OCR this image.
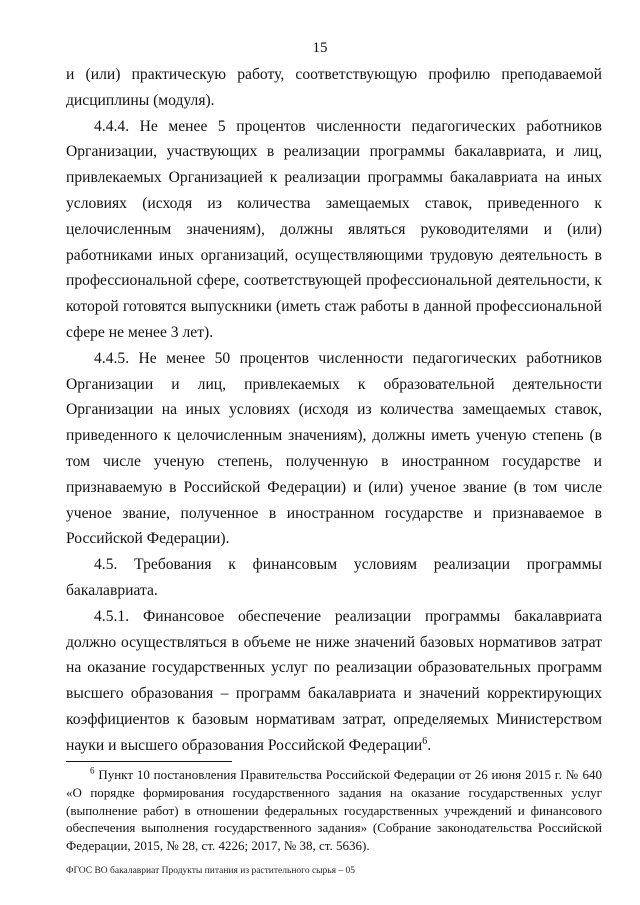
15

и (или) практическую работу, соответствующую профилю преподаваемой дисциплины (модуля).

4.4.4. Не менее 5 процентов численности педагогических работников Организации, участвующих в реализации программы бакалавриата, и лиц, привлекаемых Организацией к реализации программы бакалавриата на иных условиях (исходя из количества замещаемых ставок, приведенного к целочисленным значениям), должны являться руководителями и (или) работниками иных организаций, осуществляющими трудовую деятельность в профессиональной сфере, соответствующей профессиональной деятельности, к которой готовятся выпускники (иметь стаж работы в данной профессиональной сфере не менее 3 лет).

4.4.5. Не менее 50 процентов численности педагогических работников Организации и лиц, привлекаемых к образовательной деятельности Организации на иных условиях (исходя из количества замещаемых ставок, приведенного к целочисленным значениям), должны иметь ученую степень (в том числе ученую степень, полученную в иностранном государстве и признаваемую в Российской Федерации) и (или) ученое звание (в том числе ученое звание, полученное в иностранном государстве и признаваемое в Российской Федерации).

4.5. Требования к финансовым условиям реализации программы бакалавриата.

4.5.1. Финансовое обеспечение реализации программы бакалавриата должно осуществляться в объеме не ниже значений базовых нормативов затрат на оказание государственных услуг по реализации образовательных программ высшего образования – программ бакалавриата и значений корректирующих коэффициентов к базовым нормативам затрат, определяемых Министерством науки и высшего образования Российской Федерации$^6$.

$^6$ Пункт 10 постановления Правительства Российской Федерации от 26 июня 2015 г. № 640 «О порядке формирования государственного задания на оказание государственных услуг (выполнение работ) в отношении федеральных государственных учреждений и финансового обеспечения выполнения государственного задания» (Собрание законодательства Российской Федерации, 2015, № 28, ст. 4226; 2017, № 38, ст. 5636).

ФГОС ВО бакалавриат Продукты питания из растительного сырья – 05
